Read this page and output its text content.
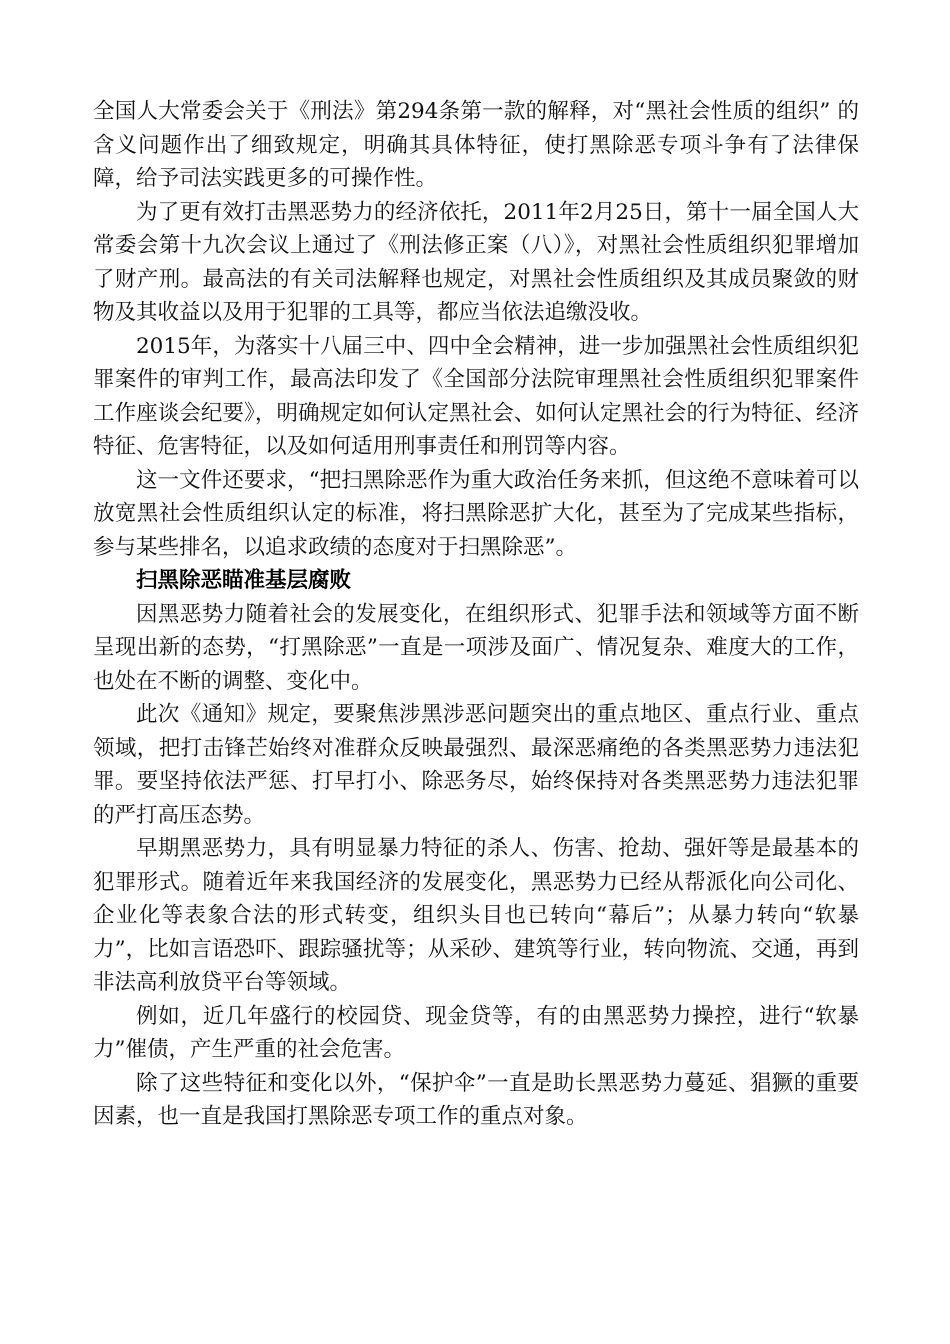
全国人大常委会关于《刑法》第294条第一款的解释，对“黑社会性质的组织” 的含义问题作出了细致规定，明确其具体特征，使打黑除恶专项斗争有了法律保障，给予司法实践更多的可操作性。

为了更有效打击黑恶势力的经济依托，2011年2月25日，第十一届全国人大常委会第十九次会议上通过了《刑法修正案（八）》，对黑社会性质组织犯罪增加了财产刑。最高法的有关司法解释也规定，对黑社会性质组织及其成员聚敛的财物及其收益以及用于犯罪的工具等，都应当依法追缴没收。

2015年，为落实十八届三中、四中全会精神，进一步加强黑社会性质组织犯罪案件的审判工作，最高法印发了《全国部分法院审理黑社会性质组织犯罪案件工作座谈会纪要》，明确规定如何认定黑社会、如何认定黑社会的行为特征、经济特征、危害特征，以及如何适用刑事责任和刑罚等内容。

这一文件还要求，“把扫黑除恶作为重大政治任务来抓，但这绝不意味着可以放宽黑社会性质组织认定的标准，将扫黑除恶扩大化，甚至为了完成某些指标，参与某些排名，以追求政绩的态度对于扫黑除恶”。

扫黑除恶瞄准基层腐败

因黑恶势力随着社会的发展变化，在组织形式、犯罪手法和领域等方面不断呈现出新的态势，“打黑除恶”一直是一项涉及面广、情况复杂、难度大的工作，也处在不断的调整、变化中。

此次《通知》规定，要聚焦涉黑涉恶问题突出的重点地区、重点行业、重点领域，把打击锋芒始终对准群众反映最强烈、最深恶痛绝的各类黑恶势力违法犯罪。要坚持依法严惩、打早打小、除恶务尽，始终保持对各类黑恶势力违法犯罪的严打高压态势。

早期黑恶势力，具有明显暴力特征的杀人、伤害、抢劫、强奸等是最基本的犯罪形式。随着近年来我国经济的发展变化，黑恶势力已经从帮派化向公司化、企业化等表象合法的形式转变，组织头目也已转向“幕后”；从暴力转向“软暴力”，比如言语恐吓、跟踪骚扰等；从采砂、建筑等行业，转向物流、交通，再到非法高利放贷平台等领域。

例如，近几年盛行的校园贷、现金贷等，有的由黑恶势力操控，进行“软暴力”催债，产生严重的社会危害。

除了这些特征和变化以外，“保护伞”一直是助长黑恶势力蔓延、猖獗的重要因素，也一直是我国打黑除恶专项工作的重点对象。
